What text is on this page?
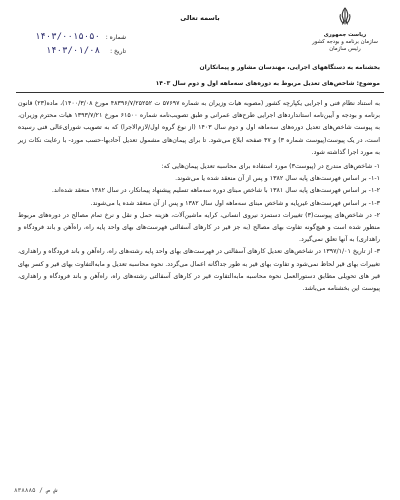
ریاست جمهوری
سازمان برنامه و بودجه کشور
رئیس سازمان
باسمه تعالی
شماره :
۱۴۰۳/۰۰۱۵۰۵۰
تاریخ :
۱۴۰۳/۰۱/۰۸
بخشنامه به دستگاههای اجرایی، مهندسان مشاور و پیمانکاران
موضوع: شاخص‌های تعدیل مربوط به دوره‌های سه‌ماهه اول و دوم سال ۱۴۰۳

به استناد نظام فنی و اجرایی یکپارچه کشور (مصوبه هیات وزیران به شماره ۵۷۶۹۷ ت ۴۸۳۹۶/۷/۲۵۲۵۲ مورخ ۱۴۰۰/۳/۰۸)، ماده(۲۳) قانون برنامه و بودجه و آیین‌نامه استانداردهای اجرایی طرح‌های عمرانی و طبق تصویب‌نامه شماره ۶۱۵۰۰ مورخ ۱۳۹۳/۷/۲۱ هیات محترم وزیران، به پیوست شاخص‌های تعدیل دوره‌های سه‌ماهه اول و دوم سال ۱۴۰۳ (از نوع گروه اول/لازم‌الاجرا) که به تصویب شورای‌عالی فنی رسیده است، در یک پیوست(پیوست شماره ۳) و ۴۷ صفحه ابلاغ می‌شود. تا برای پیمان‌های مشمول تعدیل آحادبها-حسب مورد- با رعایت نکات زیر به مورد اجرا گذاشته شود.

۱- شاخص‌های مندرج در (پیوست۳) مورد استفاده برای محاسبه تعدیل پیمان‌هایی که:

۱-۱- بر اساس فهرست‌های پایه سال ۱۳۸۲ و پس از آن منعقد شده یا می‌شوند.

۱-۲- بر اساس فهرست‌های پایه سال ۱۳۸۱ با شاخص مبنای دوره سه‌ماهه تسلیم پیشنهاد پیمانکار، در سال ۱۳۸۲ منعقد شده‌اند.

۱-۳- بر اساس فهرست‌های غیرپایه و شاخص مبنای سه‌ماهه اول سال ۱۳۸۲ و پس از آن منعقد شده یا می‌شوند.

۲- در شاخص‌های پیوست(۳) تغییرات دستمزد نیروی انسانی، کرایه ماشین‌آلات، هزینه حمل و نقل و نرخ تمام مصالح در دوره‌های مربوط منظور شده است و هیچ‌گونه تفاوت بهای مصالح (به جز قیر در کارهای آسفالتی فهرست‌های بهای واحد پایه راه، راه‌آهن و باند فرودگاه و راهداری) به آنها تعلق نمی‌گیرد.

۳- از تاریخ ۱۳۹۷/۱/۰۱ در شاخص‌های تعدیل کارهای آسفالتی در فهرست‌های بهای واحد پایه رشته‌های راه، راه‌آهن و باند فرودگاه و راهداری، تغییرات بهای قیر لحاظ نمی‌شود و تفاوت بهای قیر به طور جداگانه اعمال می‌گردد. نحوه محاسبه تعدیل و مابه‌التفاوت بهای قیر و کسر بهای قیر های تحویلی مطابق دستورالعمل نحوه محاسبه مابه‌التفاوت قیر در کارهای آسفالتی رشته‌های راه، راه‌آهن و باند فرودگاه و راهداری، پیوست این بخشنامه می‌باشد.

ش ص / ۸۳۸۸۸۵
